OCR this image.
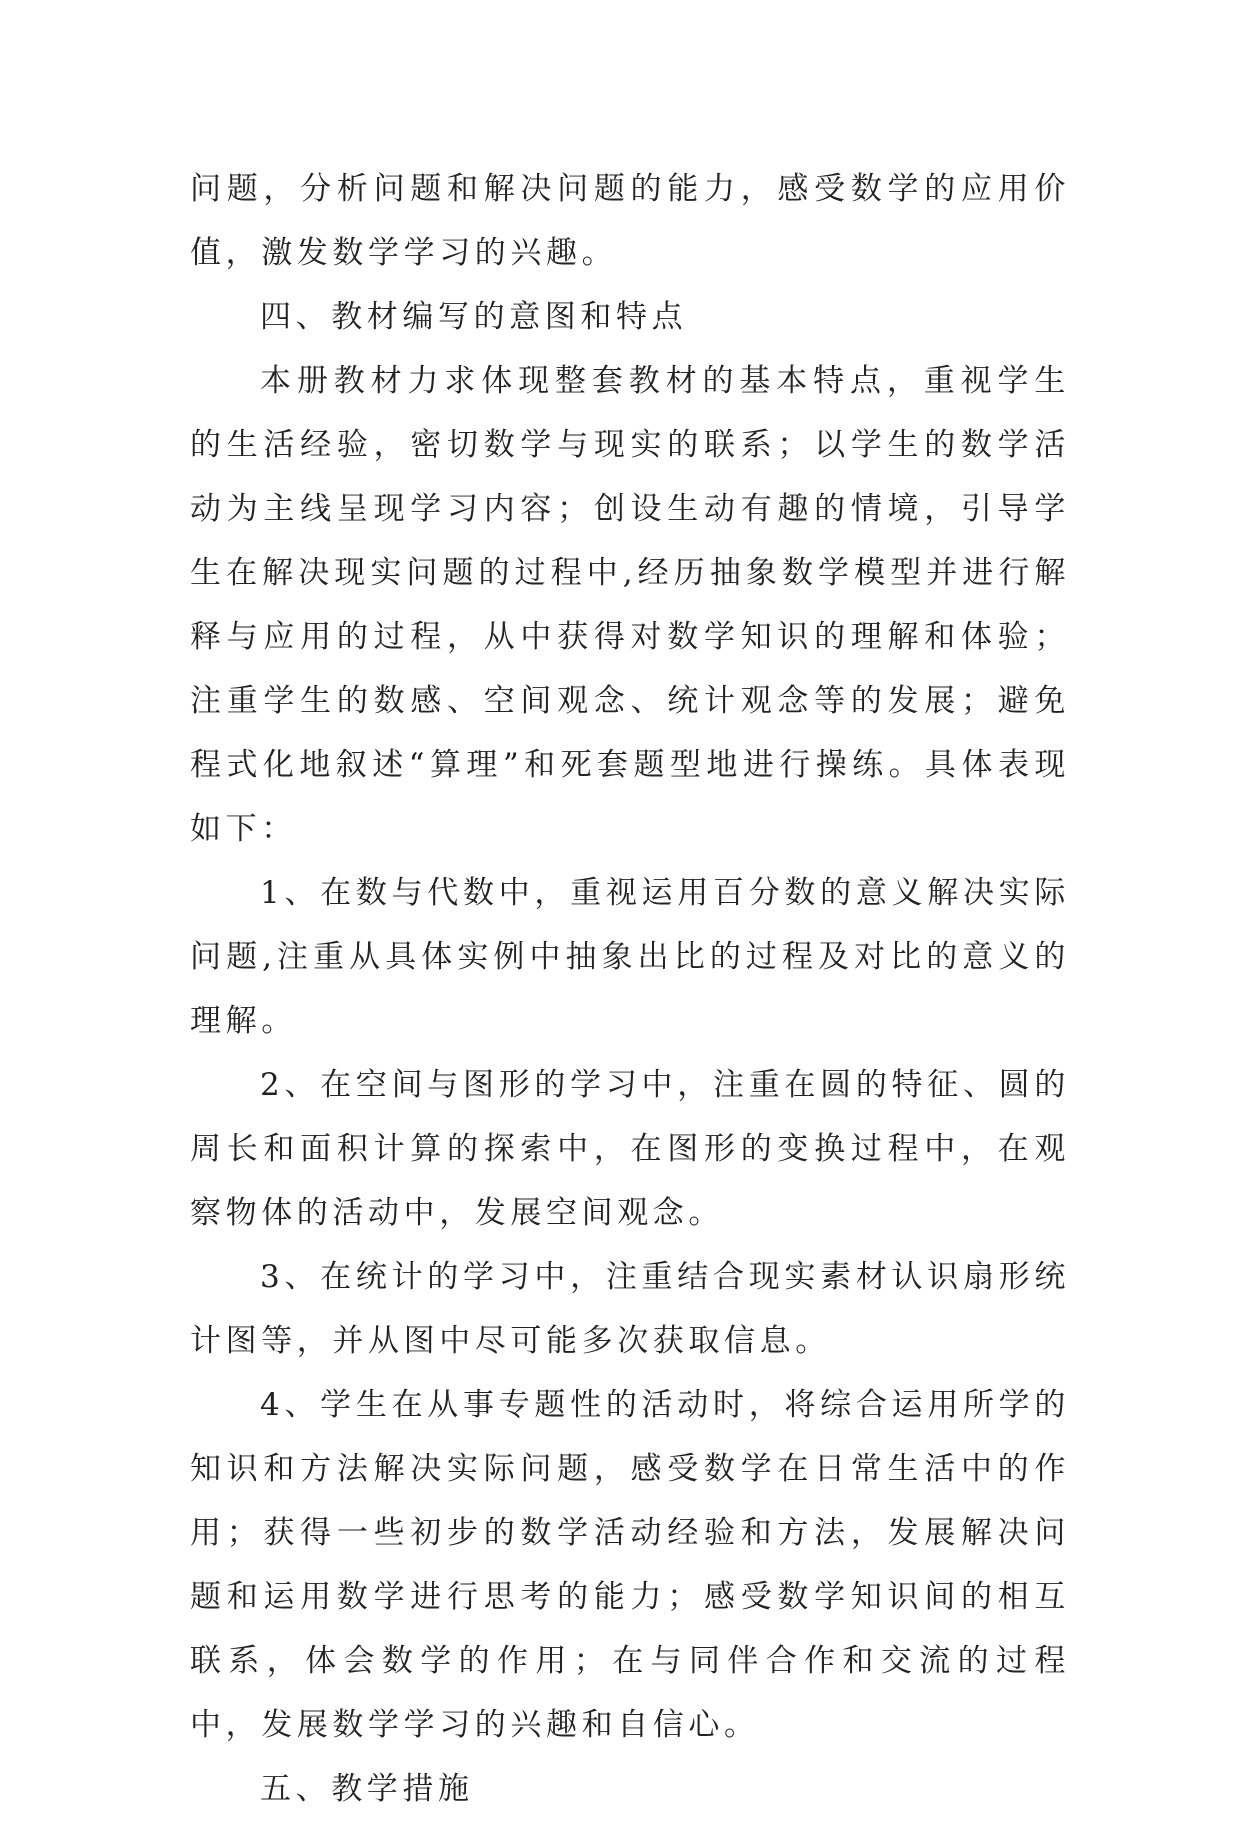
问题，分析问题和解决问题的能力，感受数学的应用价值，激发数学学习的兴趣。

四、教材编写的意图和特点

本册教材力求体现整套教材的基本特点，重视学生的生活经验，密切数学与现实的联系；以学生的数学活动为主线呈现学习内容；创设生动有趣的情境，引导学生在解决现实问题的过程中,经历抽象数学模型并进行解释与应用的过程，从中获得对数学知识的理解和体验；注重学生的数感、空间观念、统计观念等的发展；避免程式化地叙述“算理”和死套题型地进行操练。具体表现如下：

1、在数与代数中，重视运用百分数的意义解决实际问题,注重从具体实例中抽象出比的过程及对比的意义的理解。

2、在空间与图形的学习中，注重在圆的特征、圆的周长和面积计算的探索中，在图形的变换过程中，在观察物体的活动中，发展空间观念。

3、在统计的学习中，注重结合现实素材认识扇形统计图等，并从图中尽可能多次获取信息。

4、学生在从事专题性的活动时，将综合运用所学的知识和方法解决实际问题，感受数学在日常生活中的作用；获得一些初步的数学活动经验和方法，发展解决问题和运用数学进行思考的能力；感受数学知识间的相互联系，体会数学的作用；在与同伴合作和交流的过程中，发展数学学习的兴趣和自信心。

五、教学措施
